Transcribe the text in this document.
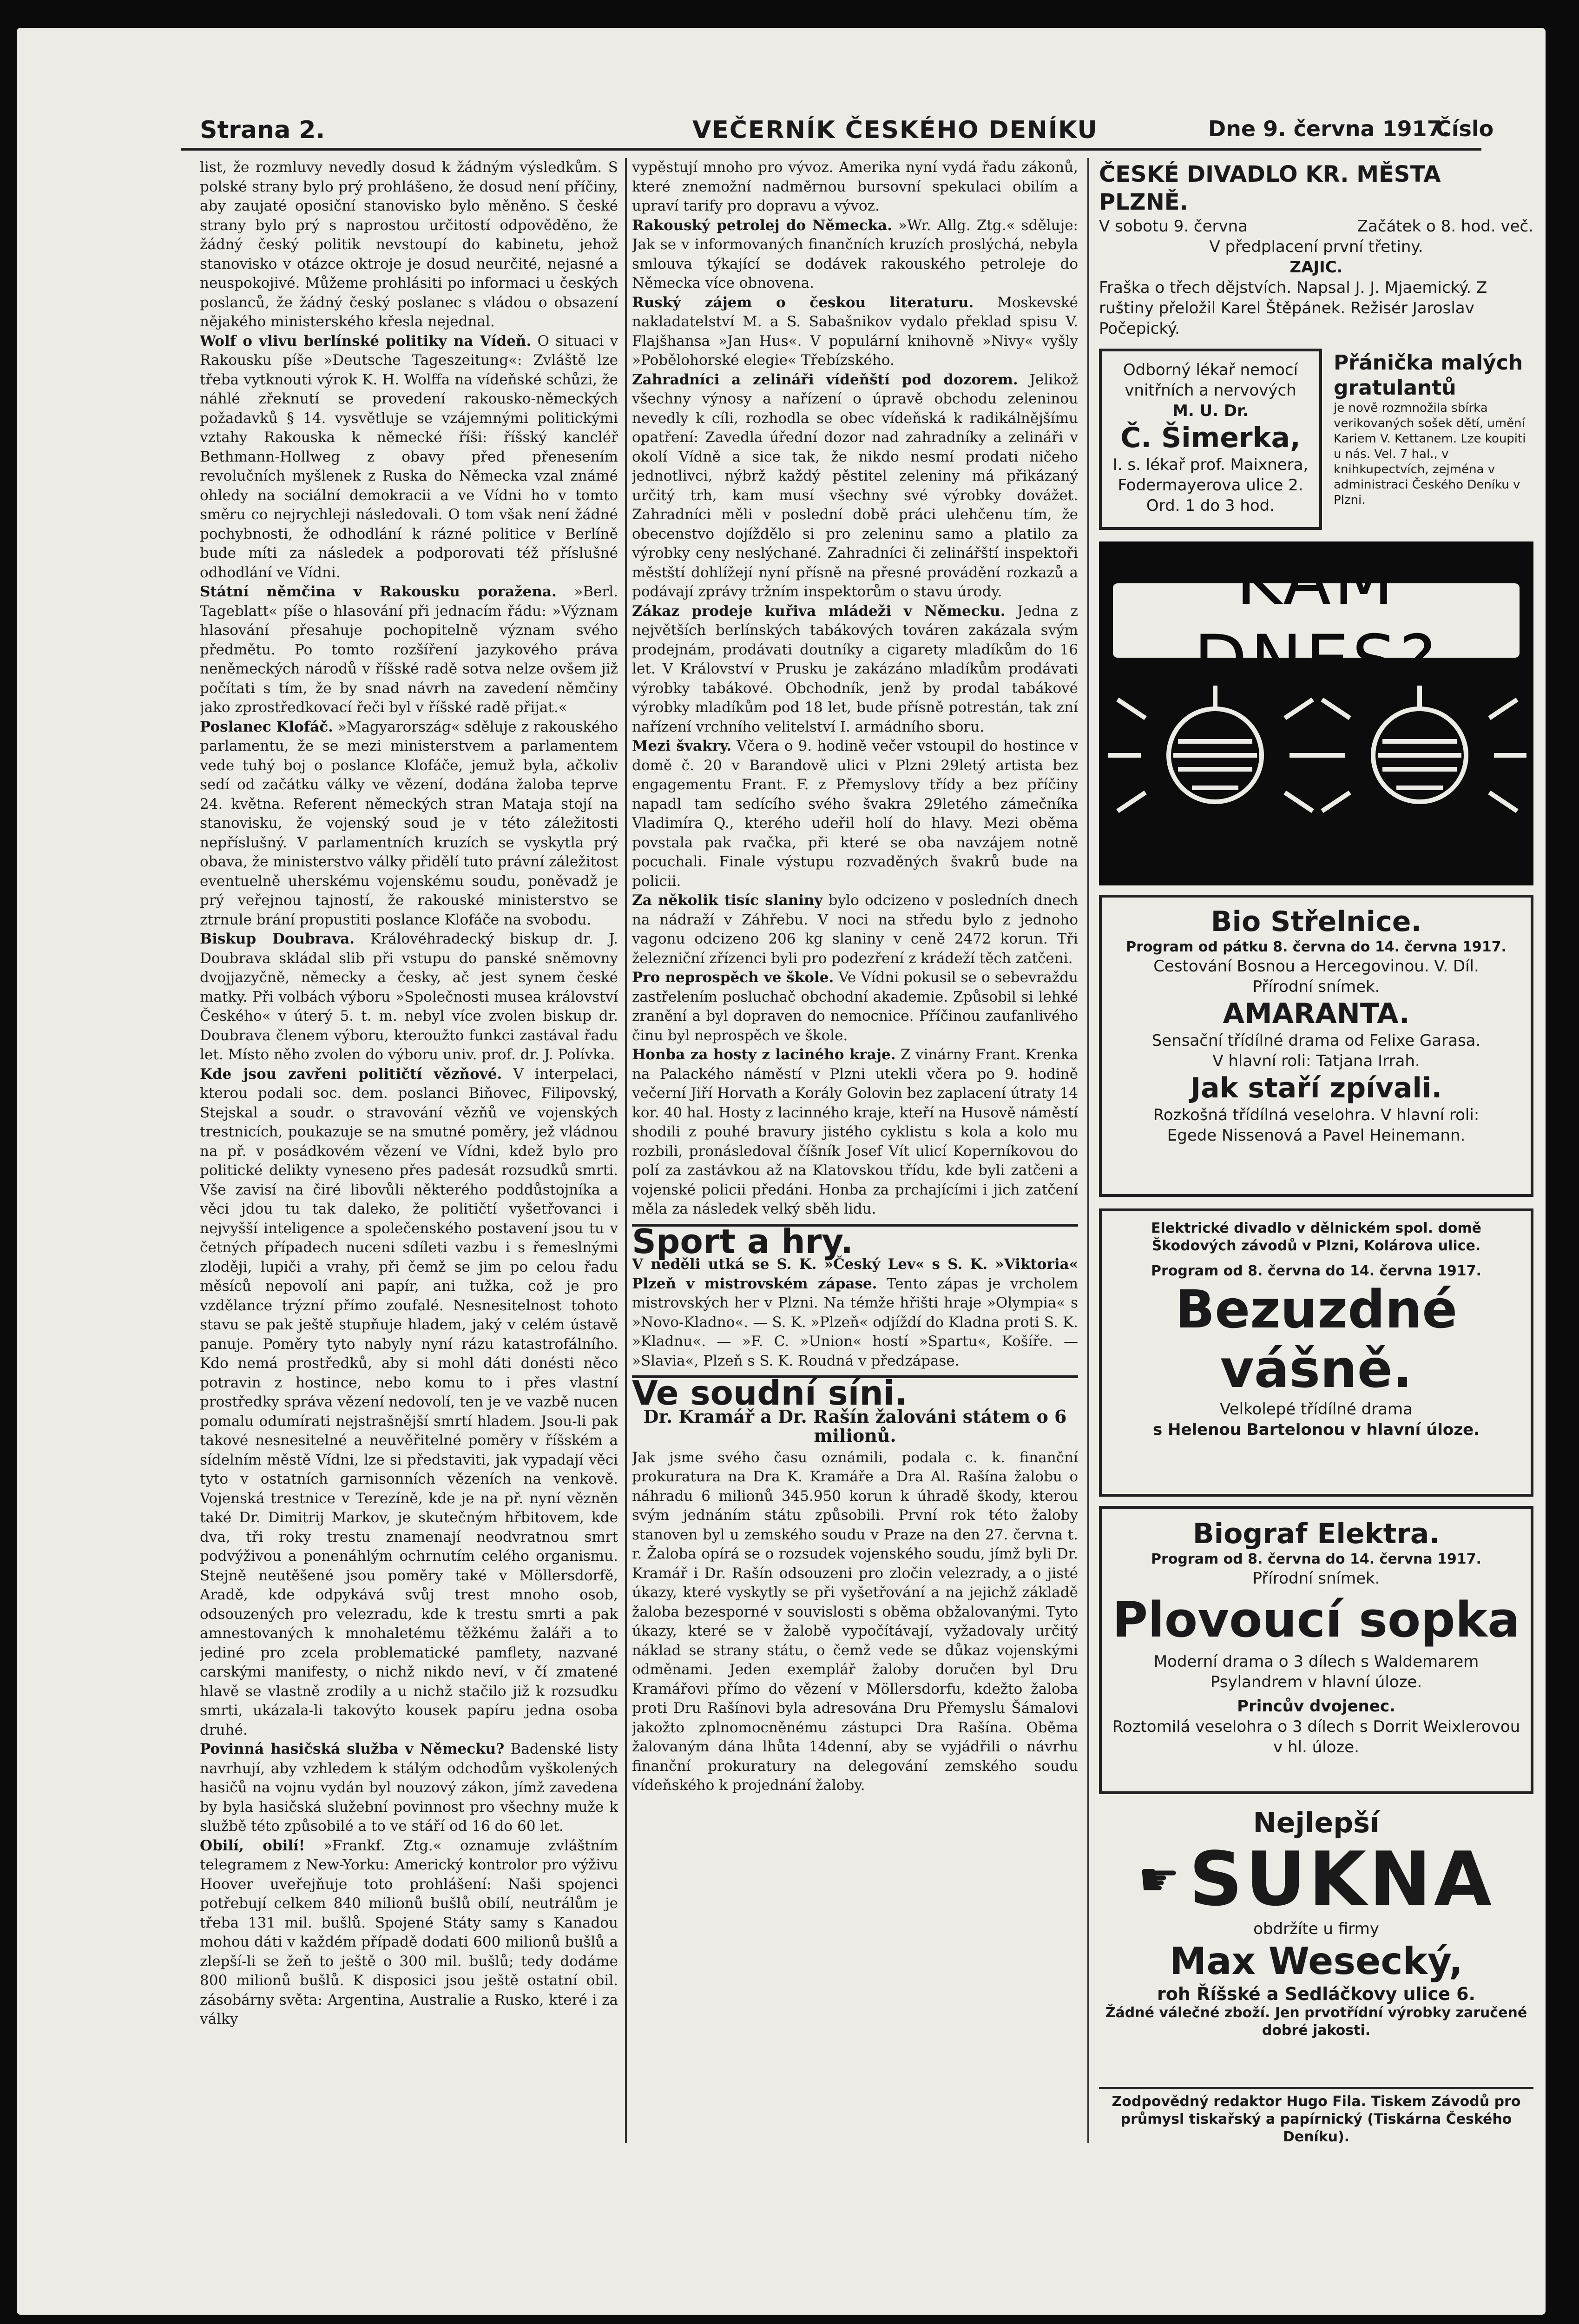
Strana 2.	VEČERNÍK ČESKÉHO DENÍKU	Dne 9. června 1917.
Číslo

list, že rozmluvy nevedly dosud k žádným výsledkům. S polské strany bylo prý prohlášeno, že dosud není příčiny, aby zaujaté oposiční stanovisko bylo měněno. S české strany bylo prý s naprostou určitostí odpověděno, že žádný český politik nevstoupí do kabinetu, jehož stanovisko v otázce oktroje je dosud neurčité, nejasné a neuspokojivé. Můžeme prohlásiti po informaci u českých poslanců, že žádný český poslanec s vládou o obsazení nějakého ministerského křesla nejednal.

Wolf o vlivu berlínské politiky na Vídeň. O situaci v Rakousku píše »Deutsche Tageszeitung«: Zvláště lze třeba vytknouti výrok K. H. Wolffa na vídeňské schůzi, že náhlé zřeknutí se provedení rakousko-německých požadavků § 14. vysvětluje se vzájemnými politickými vztahy Rakouska k německé říši: říšský kancléř Bethmann-Hollweg z obavy před přenesením revolučních myšlenek z Ruska do Německa vzal známé ohledy na sociální demokracii a ve Vídni ho v tomto směru co nejrychleji následovali. O tom však není žádné pochybnosti, že odhodlání k rázné politice v Berlíně bude míti za následek a podporovati též příslušné odhodlání ve Vídni.

Státní němčina v Rakousku poražena. »Berl. Tageblatt« píše o hlasování při jednacím řádu: »Význam hlasování přesahuje pochopitelně význam svého předmětu. Po tomto rozšíření jazykového práva neněmeckých národů v říšské radě sotva nelze ovšem již počítati s tím, že by snad návrh na zavedení němčiny jako zprostředkovací řeči byl v říšské radě přijat.«

Poslanec Klofáč. »Magyarország« sděluje z rakouského parlamentu, že se mezi ministerstvem a parlamentem vede tuhý boj o poslance Klofáče, jemuž byla, ačkoliv sedí od začátku války ve vězení, dodána žaloba teprve 24. května. Referent německých stran Mataja stojí na stanovisku, že vojenský soud je v této záležitosti nepříslušný. V parlamentních kruzích se vyskytla prý obava, že ministerstvo války přidělí tuto právní záležitost eventuelně uherskému vojenskému soudu, poněvadž je prý veřejnou tajností, že rakouské ministerstvo se ztrnule brání propustiti poslance Klofáče na svobodu.

Biskup Doubrava. Královéhradecký biskup dr. J. Doubrava skládal slib při vstupu do panské sněmovny dvojjazyčně, německy a česky, ač jest synem české matky. Při volbách výboru »Společnosti musea království Českého« v úterý 5. t. m. nebyl více zvolen biskup dr. Doubrava členem výboru, kteroužto funkci zastával řadu let. Místo něho zvolen do výboru univ. prof. dr. J. Polívka.

Kde jsou zavřeni političtí vězňové. V interpelaci, kterou podali soc. dem. poslanci Biňovec, Filipovský, Stejskal a soudr. o stravování vězňů ve vojenských trestnicích, poukazuje se na smutné poměry, jež vládnou na př. v posádkovém vězení ve Vídni, kdež bylo pro politické delikty vyneseno přes padesát rozsudků smrti. Vše zavisí na čiré libovůli některého poddůstojníka a věci jdou tu tak daleko, že političtí vyšetřovanci i nejvyšší inteligence a společenského postavení jsou tu v četných případech nuceni sdíleti vazbu i s řemeslnými zloději, lupiči a vrahy, při čemž se jim po celou řadu měsíců nepovolí ani papír, ani tužka, což je pro vzdělance trýzní přímo zoufalé. Nesnesitelnost tohoto stavu se pak ještě stupňuje hladem, jaký v celém ústavě panuje. Poměry tyto nabyly nyní rázu katastrofálního. Kdo nemá prostředků, aby si mohl dáti donésti něco potravin z hostince, nebo komu to i přes vlastní prostředky správa vězení nedovolí, ten je ve vazbě nucen pomalu odumírati nejstrašnější smrtí hladem. Jsou-li pak takové nesnesitelné a neuvěřitelné poměry v říšském a sídelním městě Vídni, lze si představiti, jak vypadají věci tyto v ostatních garnisonních vězeních na venkově. Vojenská trestnice v Terezíně, kde je na př. nyní vězněn také Dr. Dimitrij Markov, je skutečným hřbitovem, kde dva, tři roky trestu znamenají neodvratnou smrt podvýživou a ponenáhlým ochrnutím celého organismu. Stejně neutěšené jsou poměry také v Möllersdorfě, Aradě, kde odpykává svůj trest mnoho osob, odsouzených pro velezradu, kde k trestu smrti a pak amnestovaných k mnohaletému těžkému žaláři a to jediné pro zcela problematické pamflety, nazvané carskými manifesty, o nichž nikdo neví, v čí zmatené hlavě se vlastně zrodily a u nichž stačilo již k rozsudku smrti, ukázala-li takovýto kousek papíru jedna osoba druhé.

Povinná hasičská služba v Německu? Badenské listy navrhují, aby vzhledem k stálým odchodům vyškolených hasičů na vojnu vydán byl nouzový zákon, jímž zavedena by byla hasičská služební povinnost pro všechny muže k službě této způsobilé a to ve stáří od 16 do 60 let.

Obilí, obilí! »Frankf. Ztg.« oznamuje zvláštním telegramem z New-Yorku: Americký kontrolor pro výživu Hoover uveřejňuje toto prohlášení: Naši spojenci potřebují celkem 840 milionů bušlů obilí, neutrálům je třeba 131 mil. bušlů. Spojené Státy samy s Kanadou mohou dáti v každém případě dodati 600 milionů bušlů a zlepší-li se žeň to ještě o 300 mil. bušlů; tedy dodáme 800 milionů bušlů. K disposici jsou ještě ostatní obil. zásobárny světa: Argentina, Australie a Rusko, které i za války

vypěstují mnoho pro vývoz. Amerika nyní vydá řadu zákonů, které znemožní nadměrnou bursovní spekulaci obilím a upraví tarify pro dopravu a vývoz.

Rakouský petrolej do Německa. »Wr. Allg. Ztg.« sděluje: Jak se v informovaných finančních kruzích proslýchá, nebyla smlouva týkající se dodávek rakouského petroleje do Německa více obnovena.

Ruský zájem o českou literaturu. Moskevské nakladatelství M. a S. Sabašnikov vydalo překlad spisu V. Flajšhansa »Jan Hus«. V populární knihovně »Nivy« vyšly »Pobělohorské elegie« Třebízského.

Zahradníci a zelináři vídeňští pod dozorem. Jelikož všechny výnosy a nařízení o úpravě obchodu zeleninou nevedly k cíli, rozhodla se obec vídeňská k radikálnějšímu opatření: Zavedla úřední dozor nad zahradníky a zelináři v okolí Vídně a sice tak, že nikdo nesmí prodati ničeho jednotlivci, nýbrž každý pěstitel zeleniny má přikázaný určitý trh, kam musí všechny své výrobky dovážet. Zahradníci měli v poslední době práci ulehčenu tím, že obecenstvo dojíždělo si pro zeleninu samo a platilo za výrobky ceny neslýchané. Zahradníci či zelinářští inspektoři městští dohlížejí nyní přísně na přesné provádění rozkazů a podávají zprávy tržním inspektorům o stavu úrody.

Zákaz prodeje kuřiva mládeži v Německu. Jedna z největších berlínských tabákových továren zakázala svým prodejnám, prodávati doutníky a cigarety mladíkům do 16 let. V Království v Prusku je zakázáno mladíkům prodávati výrobky tabákové. Obchodník, jenž by prodal tabákové výrobky mladíkům pod 18 let, bude přísně potrestán, tak zní nařízení vrchního velitelství I. armádního sboru.

Mezi švakry. Včera o 9. hodině večer vstoupil do hostince v domě č. 20 v Barandově ulici v Plzni 29letý artista bez engagementu Frant. F. z Přemyslovy třídy a bez příčiny napadl tam sedícího svého švakra 29letého zámečníka Vladimíra Q., kterého udeřil holí do hlavy. Mezi oběma povstala pak rvačka, při které se oba navzájem notně pocuchali. Finale výstupu rozvaděných švakrů bude na policii.

Za několik tisíc slaniny bylo odcizeno v posledních dnech na nádraží v Záhřebu. V noci na středu bylo z jednoho vagonu odcizeno 206 kg slaniny v ceně 2472 korun. Tři železniční zřízenci byli pro podezření z krádeží těch zatčeni.

Pro neprospěch ve škole. Ve Vídni pokusil se o sebevraždu zastřelením posluchač obchodní akademie. Způsobil si lehké zranění a byl dopraven do nemocnice. Příčinou zaufanlivého činu byl neprospěch ve škole.

Honba za hosty z laciného kraje. Z vinárny Frant. Krenka na Palackého náměstí v Plzni utekli včera po 9. hodině večerní Jiří Horvath a Korály Golovin bez zaplacení útraty 14 kor. 40 hal. Hosty z lacinného kraje, kteří na Husově náměstí shodili z pouhé bravury jistého cyklistu s kola a kolo mu rozbili, pronásledoval číšník Josef Vít ulicí Koperníkovou do polí za zastávkou až na Klatovskou třídu, kde byli zatčeni a vojenské policii předáni. Honba za prchajícími i jich zatčení měla za následek velký sběh lidu.

Sport a hry.

V neděli utká se S. K. »Český Lev« s S. K. »Viktoria« Plzeň v mistrovském zápase. Tento zápas je vrcholem mistrovských her v Plzni. Na témže hřišti hraje »Olympia« s »Novo-Kladno«. — S. K. »Plzeň« odjíždí do Kladna proti S. K. »Kladnu«. — »F. C. »Union« hostí »Spartu«, Košíře. — »Slavia«, Plzeň s S. K. Roudná v předzápase.

Ve soudní síni.
Dr. Kramář a Dr. Rašín žalováni státem o 6 milionů.

Jak jsme svého času oznámili, podala c. k. finanční prokuratura na Dra K. Kramáře a Dra Al. Rašína žalobu o náhradu 6 milionů 345.950 korun k úhradě škody, kterou svým jednáním státu způsobili. První rok této žaloby stanoven byl u zemského soudu v Praze na den 27. června t. r. Žaloba opírá se o rozsudek vojenského soudu, jímž byli Dr. Kramář i Dr. Rašín odsouzeni pro zločin velezrady, a o jisté úkazy, které vyskytly se při vyšetřování a na jejichž základě žaloba bezesporné v souvislosti s oběma obžalovanými. Tyto úkazy, které se v žalobě vypočítávají, vyžadovaly určitý náklad se strany státu, o čemž vede se důkaz vojenskými odměnami. Jeden exemplář žaloby doručen byl Dru Kramářovi přímo do vězení v Möllersdorfu, kdežto žaloba proti Dru Rašínovi byla adresována Dru Přemyslu Šámalovi jakožto zplnomocněnému zástupci Dra Rašína. Oběma žalovaným dána lhůta 14denní, aby se vyjádřili o návrhu finanční prokuratury na delegování zemského soudu vídeňského k projednání žaloby.

ČESKÉ DIVADLO KR. MĚSTA PLZNĚ.

V sobotu 9. června	Začátek o 8. hod. več.

V předplacení první třetiny.

ZAJIC.

Fraška o třech dějstvích. Napsal J. J. Mjaemický. Z ruštiny přeložil Karel Štěpánek. Režisér Jaroslav Počepický.

Odborný lékař nemocí vnitřních a nervových

M. U. Dr.

Č. Šimerka,

I. s. lékař prof. Maixnera,

Fodermayerova ulice 2.

Ord. 1 do 3 hod.

Přánička malých gratulantů

je nově rozmnožila sbírka verikovaných sošek dětí, umění Kariem V. Kettanem. Lze koupiti u nás. Vel. 7 hal., v knihkupectvích, zejména v administraci Českého Deníku v Plzni.

KAM DNES?

Bio Střelnice.

Program od pátku 8. června do 14. června 1917.

Cestování Bosnou a Hercegovinou. V. Díl.

Přírodní snímek.

AMARANTA.

Sensační třídílné drama od Felixe Garasa.

V hlavní roli: Tatjana Irrah.

Jak staří zpívali.

Rozkošná třídílná veselohra. V hlavní roli:

Egede Nissenová a Pavel Heinemann.

Elektrické divadlo v dělnickém spol. domě Škodových závodů v Plzni, Kolárova ulice.

Program od 8. června do 14. června 1917.

Bezuzdné vášně.

Velkolepé třídílné drama

s Helenou Bartelonou v hlavní úloze.

Biograf Elektra.

Program od 8. června do 14. června 1917.

Přírodní snímek.

Plovoucí sopka

Moderní drama o 3 dílech s Waldemarem Psylandrem v hlavní úloze.

Princův dvojenec.

Roztomilá veselohra o 3 dílech s Dorrit Weixlerovou v hl. úloze.

Nejlepší

☛ SUKNA

obdržíte u firmy

Max Wesecký,

roh Říšské a Sedláčkovy ulice 6.

Žádné válečné zboží. Jen prvotřídní výrobky zaručené dobré jakosti.

Zodpovědný redaktor Hugo Fila. Tiskem Závodů pro průmysl tiskařský a papírnický (Tiskárna Českého Deníku).
